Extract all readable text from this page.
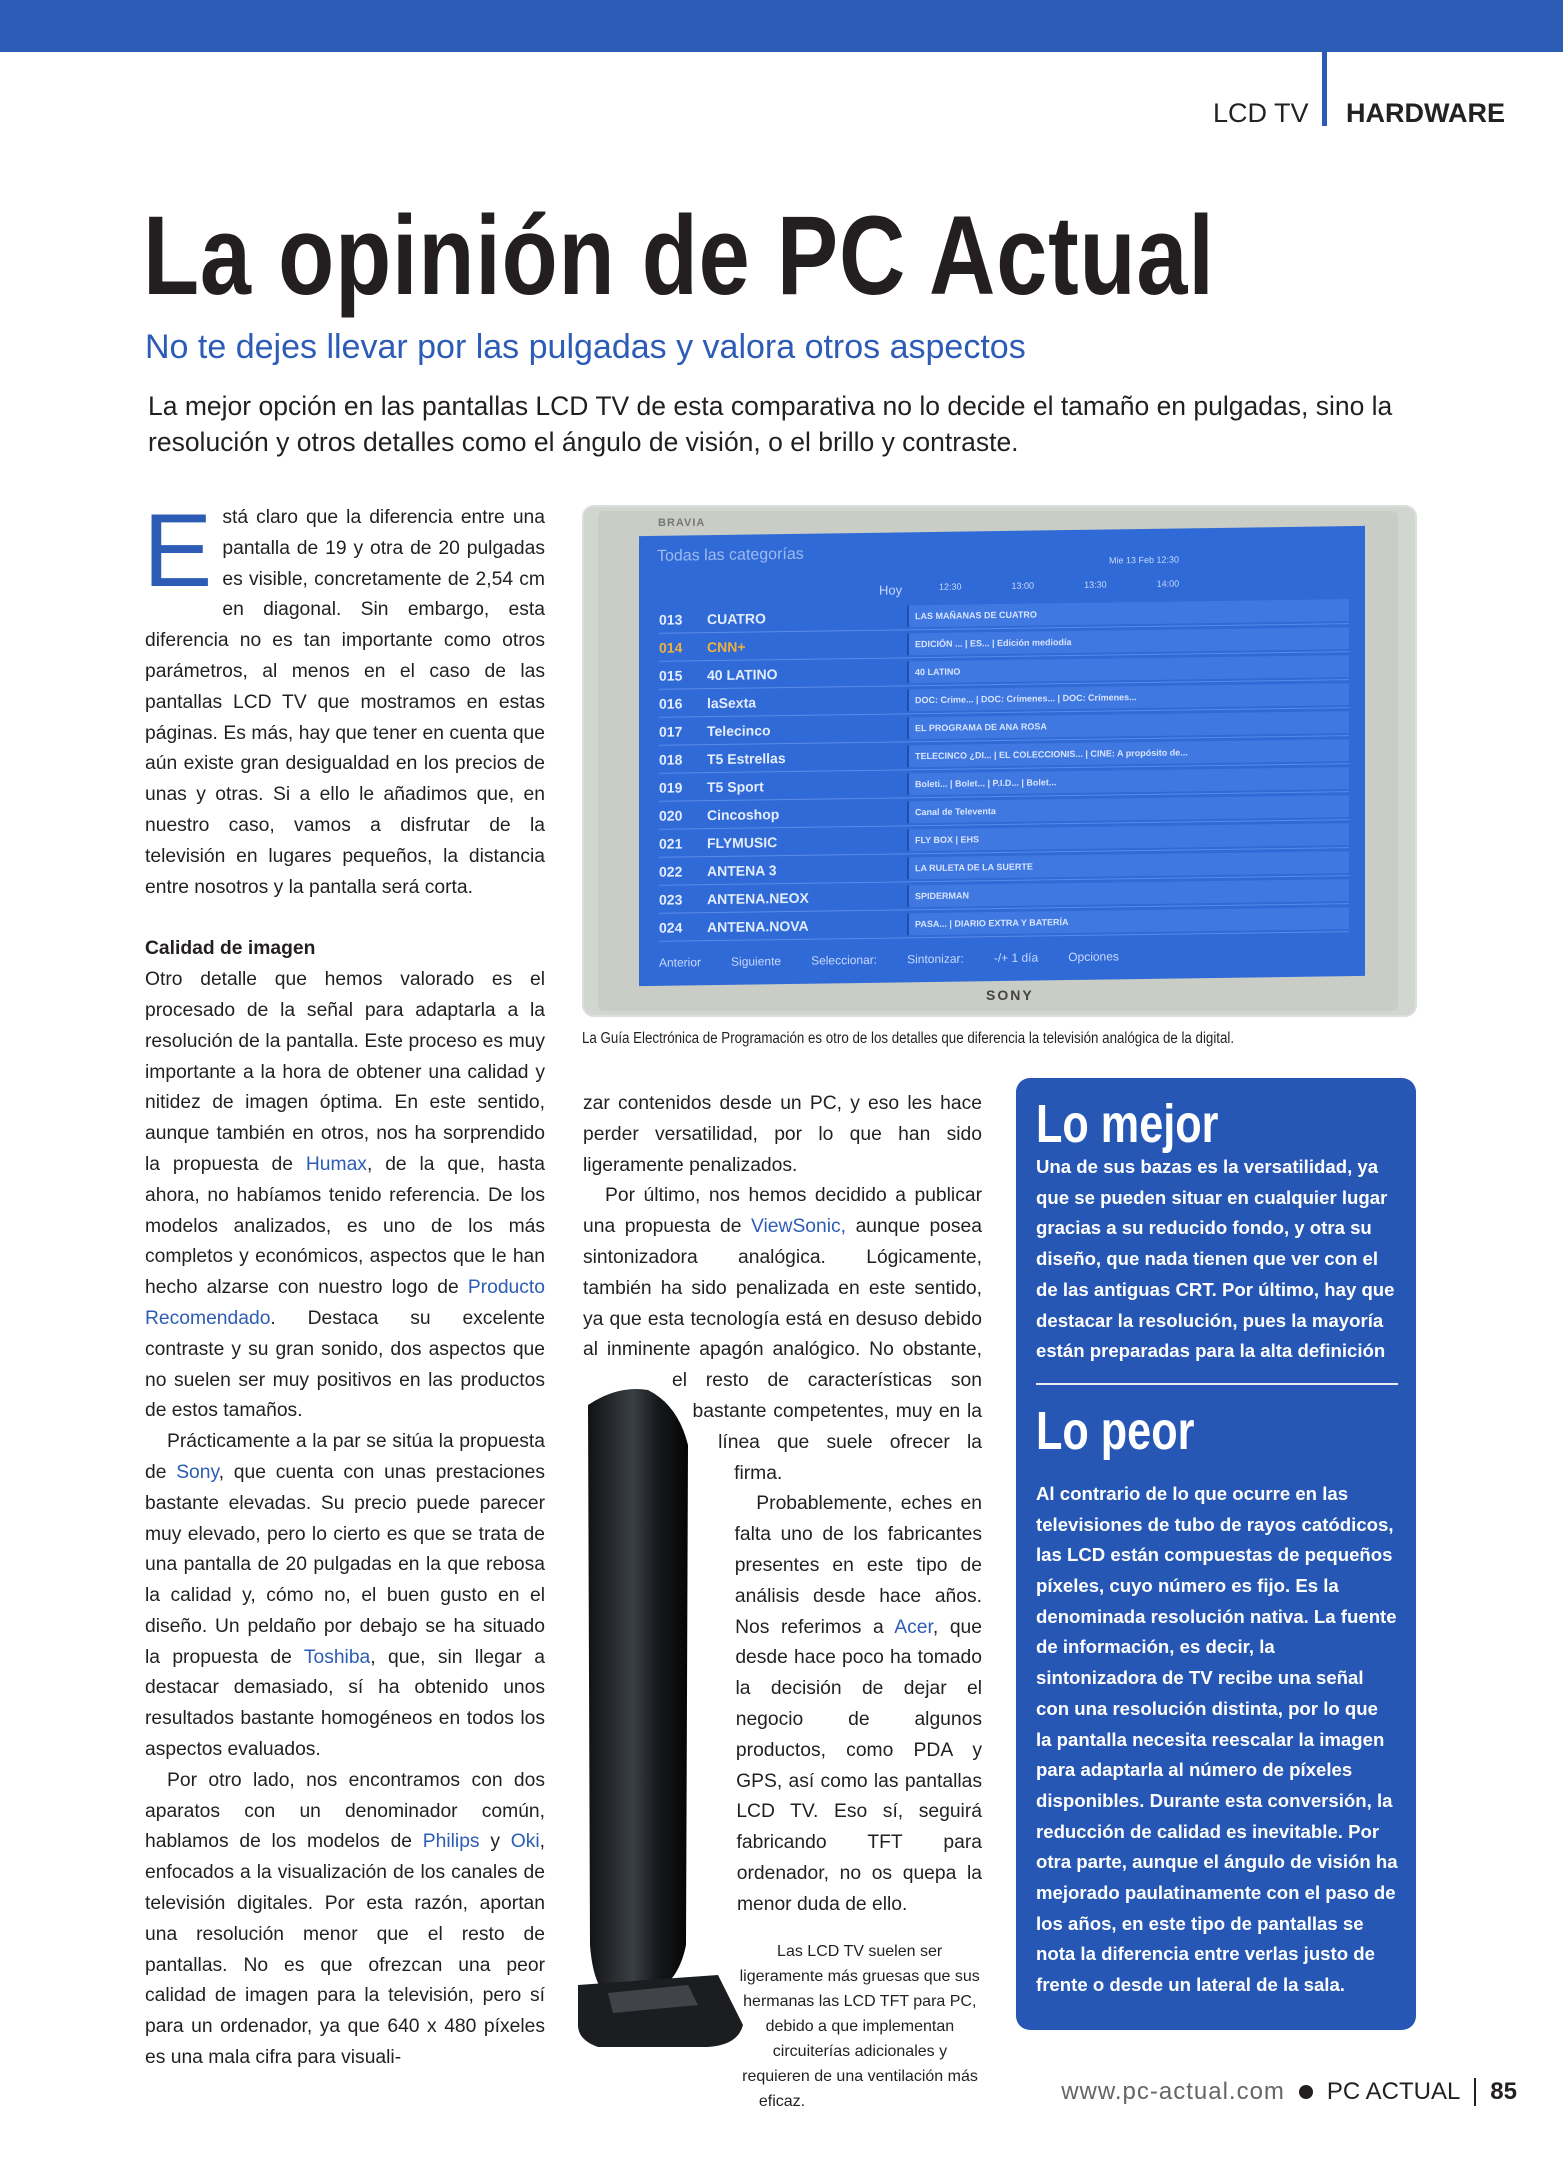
LCD TV HARDWARE
La opinión de PC Actual
No te dejes llevar por las pulgadas y valora otros aspectos
La mejor opción en las pantallas LCD TV de esta comparativa no lo decide el tamaño en pulgadas, sino la resolución y otros detalles como el ángulo de visión, o el brillo y contraste.

Está claro que la diferencia entre una pantalla de 19 y otra de 20 pulgadas es visible, concretamente de 2,54 cm en diagonal. Sin embargo, esta diferencia no es tan importante como otros parámetros, al menos en el caso de las pantallas LCD TV que mostramos en estas páginas. Es más, hay que tener en cuenta que aún existe gran desigualdad en los precios de unas y otras. Si a ello le añadimos que, en nuestro caso, vamos a disfrutar de la televisión en lugares pequeños, la distancia entre nosotros y la pantalla será corta.

Calidad de imagen

Otro detalle que hemos valorado es el procesado de la señal para adaptarla a la resolución de la pantalla. Este proceso es muy importante a la hora de obtener una calidad y nitidez de imagen óptima. En este sentido, aunque también en otros, nos ha sorprendido la propuesta de Humax, de la que, hasta ahora, no habíamos tenido referencia. De los modelos analizados, es uno de los más completos y económicos, aspectos que le han hecho alzarse con nuestro logo de Producto Recomendado. Destaca su excelente contraste y su gran sonido, dos aspectos que no suelen ser muy positivos en las productos de estos tamaños.

Prácticamente a la par se sitúa la propuesta de Sony, que cuenta con unas prestaciones bastante elevadas. Su precio puede parecer muy elevado, pero lo cierto es que se trata de una pantalla de 20 pulgadas en la que rebosa la calidad y, cómo no, el buen gusto en el diseño. Un peldaño por debajo se ha situado la propuesta de Toshiba, que, sin llegar a destacar demasiado, sí ha obtenido unos resultados bastante homogéneos en todos los aspectos evaluados.

Por otro lado, nos encontramos con dos aparatos con un denominador común, hablamos de los modelos de Philips y Oki, enfocados a la visualización de los canales de televisión digitales. Por esta razón, aportan una resolución menor que el resto de pantallas. No es que ofrezcan una peor calidad de imagen para la televisión, pero sí para un ordenador, ya que 640 x 480 píxeles es una mala cifra para visuali-

BRAVIA
SONY
Todas las categorías	Mie 13 Feb 12:30
Hoy	12:30	13:00	13:30	14:00
013	CUATRO	LAS MAÑANAS DE CUATRO
014	CNN+	EDICIÓN ... | ES... | Edición mediodía
015	40 LATINO	40 LATINO
016	laSexta	DOC: Crime... | DOC: Crímenes... | DOC: Crímenes...
017	Telecinco	EL PROGRAMA DE ANA ROSA
018	T5 Estrellas	TELECINCO ¿DI... | EL COLECCIONIS... | CINE: A propósito de...
019	T5 Sport	Boleti... | Bolet... | P.I.D... | Bolet...
020	Cincoshop	Canal de Televenta
021	FLYMUSIC	FLY BOX | EHS
022	ANTENA 3	LA RULETA DE LA SUERTE
023	ANTENA.NEOX	SPIDERMAN
024	ANTENA.NOVA	PASA... | DIARIO EXTRA Y BATERÍA
Anterior	Siguiente	Seleccionar:	Sintonizar:	-/+ 1 día	Opciones
La Guía Electrónica de Programación es otro de los detalles que diferencia la televisión analógica de la digital.

zar contenidos desde un PC, y eso les hace perder versatilidad, por lo que han sido ligeramente penalizados.

Por último, nos hemos decidido a publicar una propuesta de ViewSonic, aunque posea sintonizadora analógica. Lógicamente, también ha sido penalizada en este sentido, ya que esta tecnología está en desuso debido al inminente apagón analógico. No obstante, el resto de características son bastante competentes, muy en la línea que suele ofrecer la firma.

Probablemente, eches en falta uno de los fabricantes presentes en este tipo de análisis desde hace años. Nos referimos a Acer, que desde hace poco ha tomado la decisión de dejar el negocio de algunos productos, como PDA y GPS, así como las pantallas LCD TV. Eso sí, seguirá fabricando TFT para ordenador, no os quepa la menor duda de ello.

Las LCD TV suelen ser ligeramente más gruesas que sus hermanas las LCD TFT para PC, debido a que implementan circuiterías adicionales y requieren de una ventilación más eficaz.

Lo mejor
Una de sus bazas es la versatilidad, ya que se pueden situar en cualquier lugar gracias a su reducido fondo, y otra su diseño, que nada tienen que ver con el de las antiguas CRT. Por último, hay que destacar la resolución, pues la mayoría están preparadas para la alta definición
Lo peor
Al contrario de lo que ocurre en las televisiones de tubo de rayos catódicos, las LCD están compuestas de pequeños píxeles, cuyo número es fijo. Es la denominada resolución nativa. La fuente de información, es decir, la sintonizadora de TV recibe una señal con una resolución distinta, por lo que la pantalla necesita reescalar la imagen para adaptarla al número de píxeles disponibles. Durante esta conversión, la reducción de calidad es inevitable. Por otra parte, aunque el ángulo de visión ha mejorado paulatinamente con el paso de los años, en este tipo de pantallas se nota la diferencia entre verlas justo de frente o desde un lateral de la sala.
www.pc-actual.com PC ACTUAL 85
